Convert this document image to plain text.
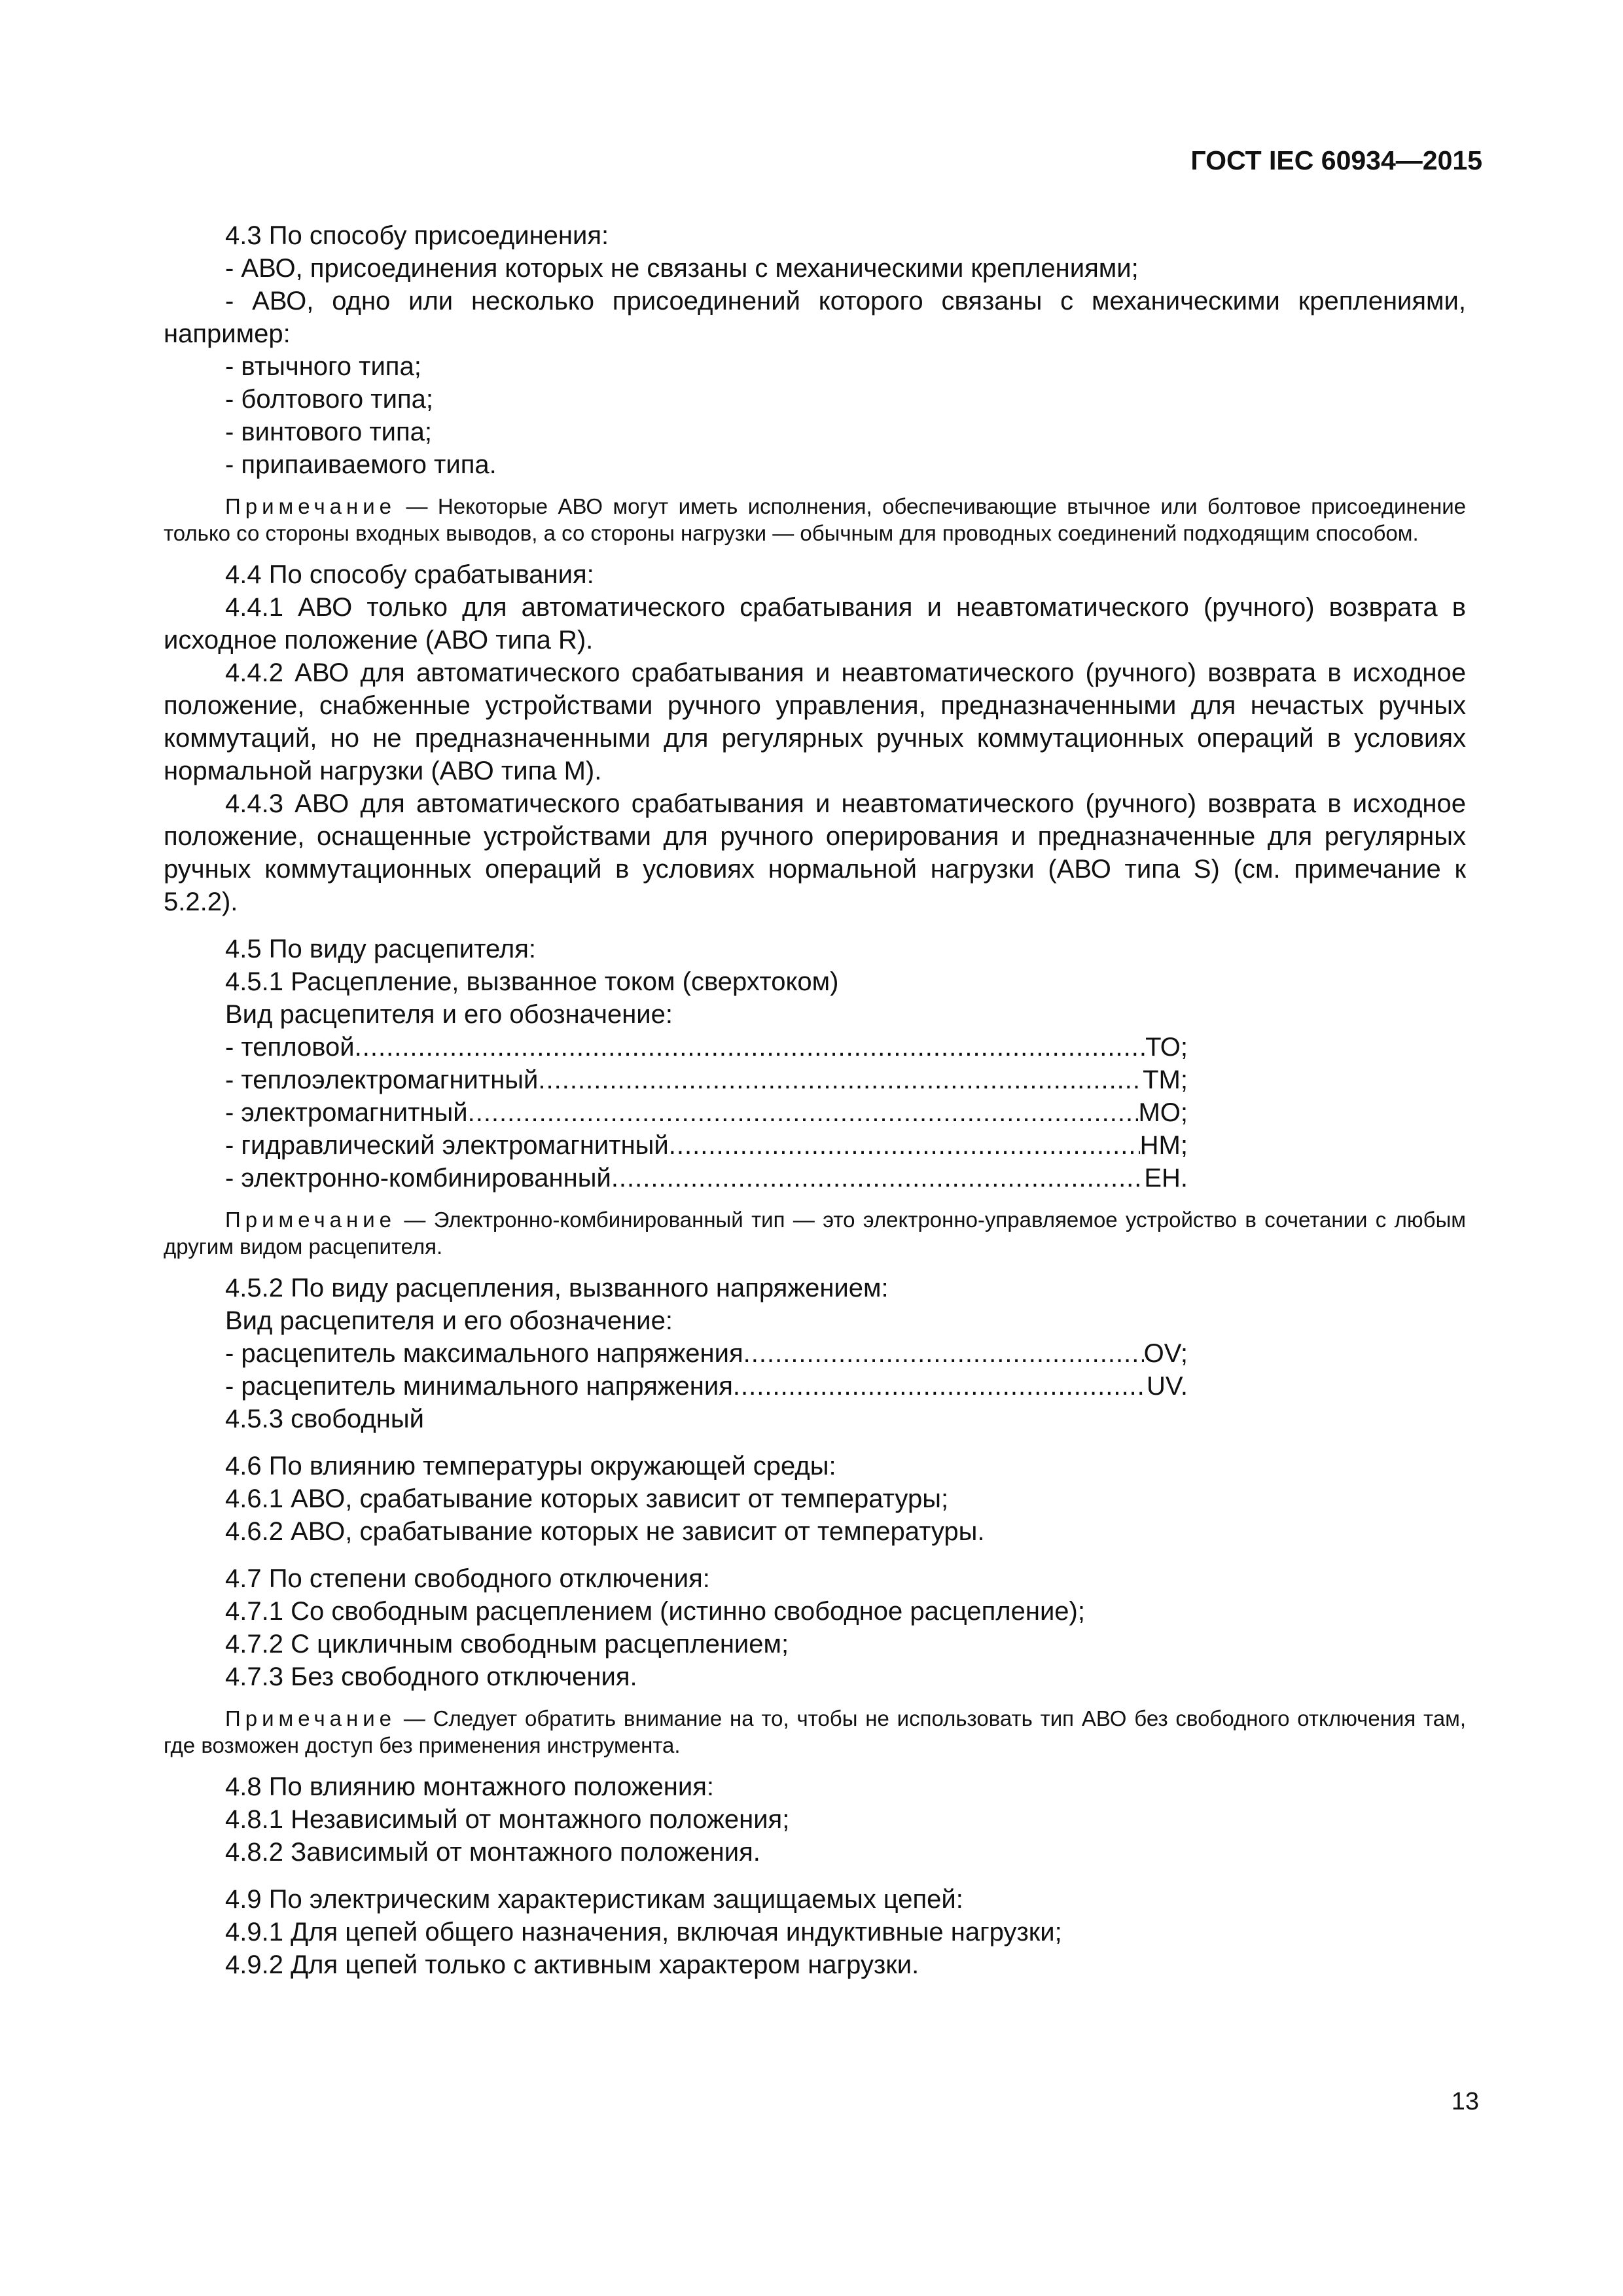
ГОСТ IEC 60934—2015

4.3 По способу присоединения:

- АВО, присоединения которых не связаны с механическими креплениями;

- АВО, одно или несколько присоединений которого связаны с механическими креплениями, например:

- втычного типа;

- болтового типа;

- винтового типа;

- припаиваемого типа.

Примечание — Некоторые АВО могут иметь исполнения, обеспечивающие втычное или болтовое присоединение только со стороны входных выводов, а со стороны нагрузки — обычным для проводных соединений подходящим способом.

4.4 По способу срабатывания:

4.4.1 АВО только для автоматического срабатывания и неавтоматического (ручного) возврата в исходное положение (АВО типа R).

4.4.2 АВО для автоматического срабатывания и неавтоматического (ручного) возврата в исходное положение, снабженные устройствами ручного управления, предназначенными для нечастых ручных коммутаций, но не предназначенными для регулярных ручных коммутационных операций в условиях нормальной нагрузки (АВО типа М).

4.4.3 АВО для автоматического срабатывания и неавтоматического (ручного) возврата в исходное положение, оснащенные устройствами для ручного оперирования и предназначенные для регулярных ручных коммутационных операций в условиях нормальной нагрузки (АВО типа S) (см. примечание к 5.2.2).

4.5 По виду расцепителя:

4.5.1 Расцепление, вызванное током (сверхтоком)

Вид расцепителя и его обозначение:

- тепловой .....	ТО;

- теплоэлектромагнитный .....	ТМ;

- электромагнитный .....	МО;

- гидравлический электромагнитный .....	НМ;

- электронно-комбинированный .....	ЕН.

Примечание — Электронно-комбинированный тип — это электронно-управляемое устройство в сочетании с любым другим видом расцепителя.

4.5.2 По виду расцепления, вызванного напряжением:

Вид расцепителя и его обозначение:

- расцепитель максимального напряжения .....	OV;

- расцепитель минимального напряжения .....	UV.

4.5.3 свободный

4.6 По влиянию температуры окружающей среды:

4.6.1 АВО, срабатывание которых зависит от температуры;

4.6.2 АВО, срабатывание которых не зависит от температуры.

4.7 По степени свободного отключения:

4.7.1 Со свободным расцеплением (истинно свободное расцепление);

4.7.2 С цикличным свободным расцеплением;

4.7.3 Без свободного отключения.

Примечание — Следует обратить внимание на то, чтобы не использовать тип АВО без свободного отключения там, где возможен доступ без применения инструмента.

4.8 По влиянию монтажного положения:

4.8.1 Независимый от монтажного положения;

4.8.2 Зависимый от монтажного положения.

4.9 По электрическим характеристикам защищаемых цепей:

4.9.1 Для цепей общего назначения, включая индуктивные нагрузки;

4.9.2 Для цепей только с активным характером нагрузки.

13
